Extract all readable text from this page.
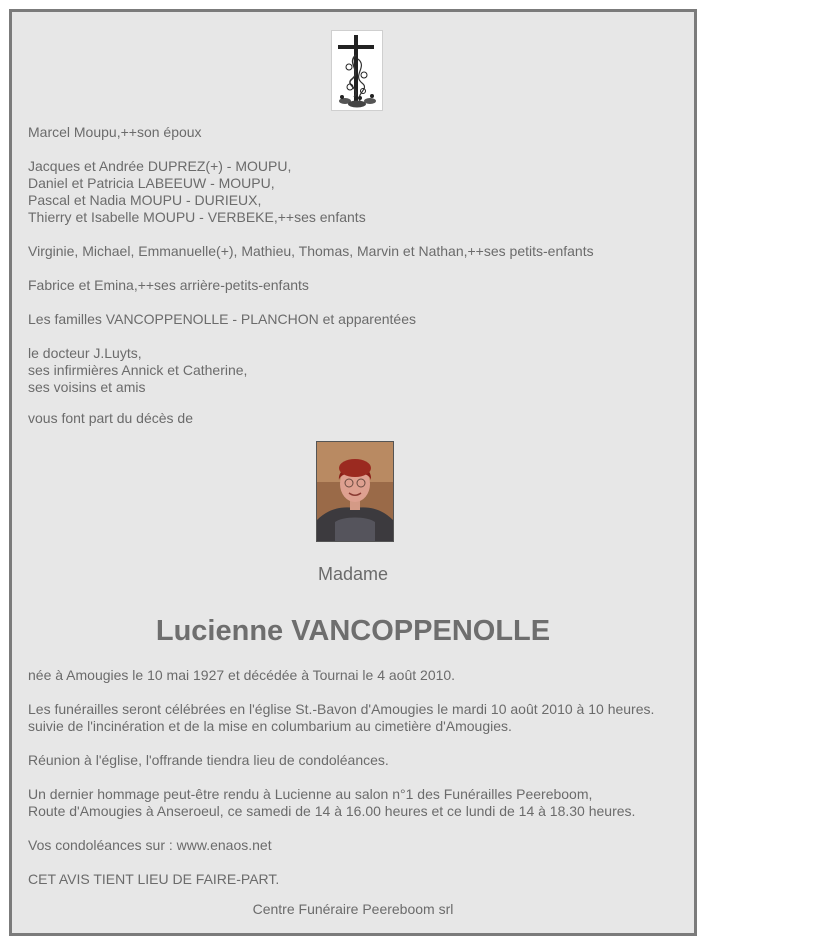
Marcel Moupu,++son époux
Jacques et Andrée DUPREZ(+) - MOUPU,
Daniel et Patricia LABEEUW - MOUPU,
Pascal et Nadia MOUPU - DURIEUX,
Thierry et Isabelle MOUPU - VERBEKE,++ses enfants
Virginie, Michael, Emmanuelle(+), Mathieu, Thomas, Marvin et Nathan,++ses petits-enfants
Fabrice et Emina,++ses arrière-petits-enfants
Les familles VANCOPPENOLLE - PLANCHON et apparentées
le docteur J.Luyts,
ses infirmières Annick et Catherine,
ses voisins et amis
vous font part du décès de
Madame
Lucienne VANCOPPENOLLE
née à Amougies le 10 mai 1927 et décédée à Tournai le 4 août 2010.
Les funérailles seront célébrées en l'église St.-Bavon d'Amougies le mardi 10 août 2010 à 10 heures.
suivie de l'incinération et de la mise en columbarium au cimetière d'Amougies.
Réunion à l'église, l'offrande tiendra lieu de condoléances.
Un dernier hommage peut-être rendu à Lucienne au salon n°1 des Funérailles Peereboom,
Route d'Amougies à Anseroeul, ce samedi de 14 à 16.00 heures et ce lundi de 14 à 18.30 heures.
Vos condoléances sur : www.enaos.net
CET AVIS TIENT LIEU DE FAIRE-PART.
Centre Funéraire Peereboom srl
